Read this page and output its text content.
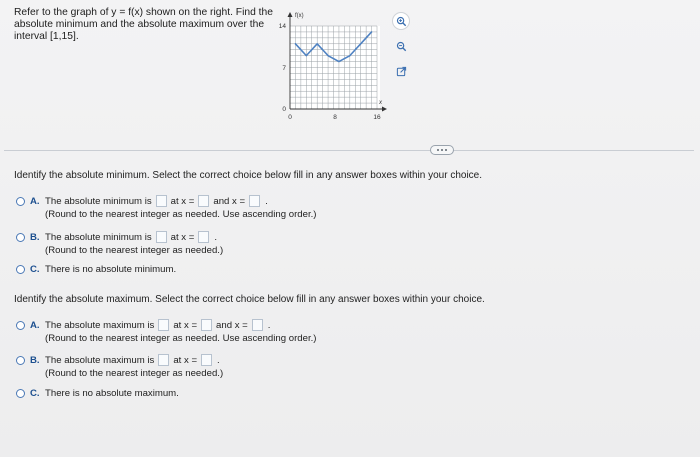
Refer to the graph of y = f(x) shown on the right. Find the
absolute minimum and the absolute maximum over the
interval [1,15].
f(x)
x
14
7
0
0	8	16
Identify the absolute minimum. Select the correct choice below fill in any answer boxes within your choice.
A. The absolute minimum is at x = and x = .
(Round to the nearest integer as needed. Use ascending order.)
B. The absolute minimum is at x = .
(Round to the nearest integer as needed.)
C. There is no absolute minimum.
Identify the absolute maximum. Select the correct choice below fill in any answer boxes within your choice.
A. The absolute maximum is at x = and x = .
(Round to the nearest integer as needed. Use ascending order.)
B. The absolute maximum is at x = .
(Round to the nearest integer as needed.)
C. There is no absolute maximum.
